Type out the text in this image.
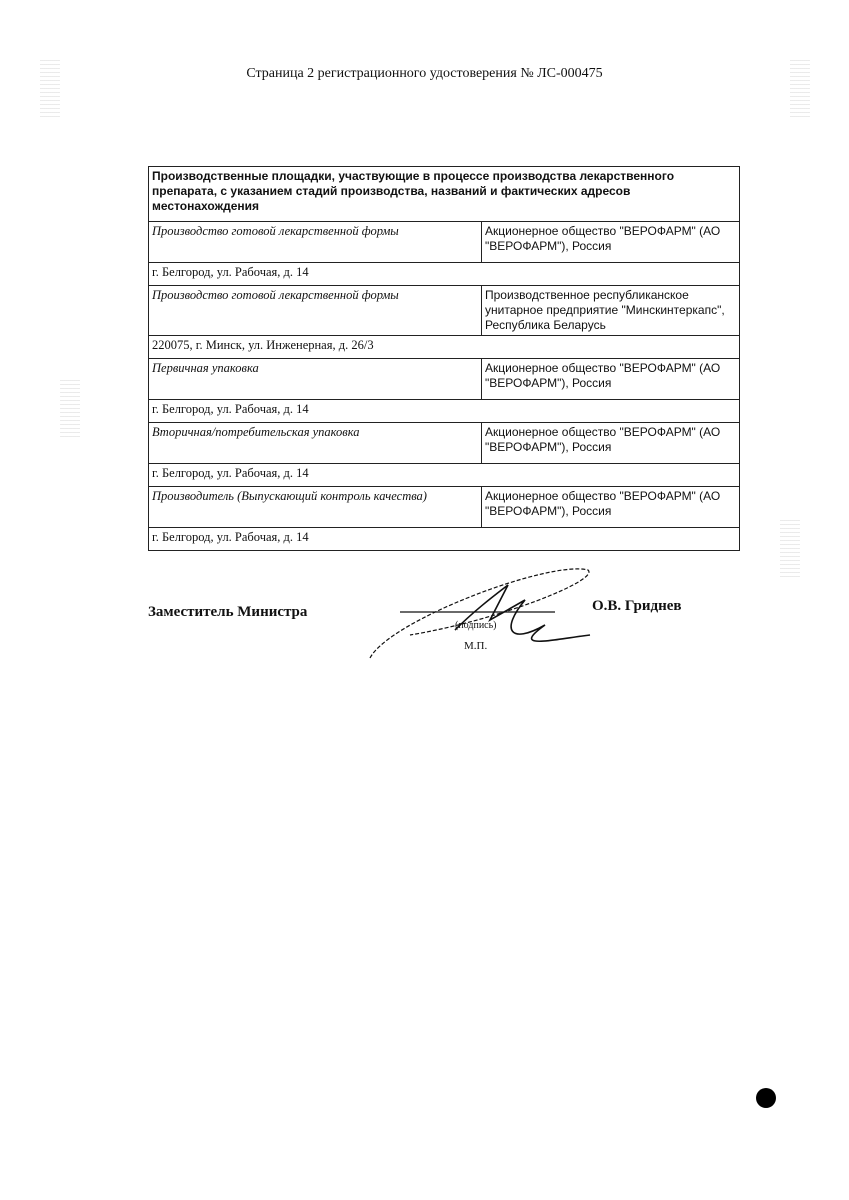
Страница 2 регистрационного удостоверения № ЛС-000475
Производственные площадки, участвующие в процессе производства лекарственного препарата, с указанием стадий производства, названий и фактических адресов местонахождения	
Производство готовой лекарственной формы	Акционерное общество "ВЕРОФАРМ" (АО "ВЕРОФАРМ"), Россия
г. Белгород, ул. Рабочая, д. 14	
Производство готовой лекарственной формы	Производственное республиканское унитарное предприятие "Минскинтеркапс", Республика Беларусь
220075, г. Минск, ул. Инженерная, д. 26/3	
Первичная упаковка	Акционерное общество "ВЕРОФАРМ" (АО "ВЕРОФАРМ"), Россия
г. Белгород, ул. Рабочая, д. 14	
Вторичная/потребительская упаковка	Акционерное общество "ВЕРОФАРМ" (АО "ВЕРОФАРМ"), Россия
г. Белгород, ул. Рабочая, д. 14	
Производитель (Выпускающий контроль качества)	Акционерное общество "ВЕРОФАРМ" (АО "ВЕРОФАРМ"), Россия
г. Белгород, ул. Рабочая, д. 14	
Заместитель Министра
(подпись)
М.П.
О.В. Гриднев
